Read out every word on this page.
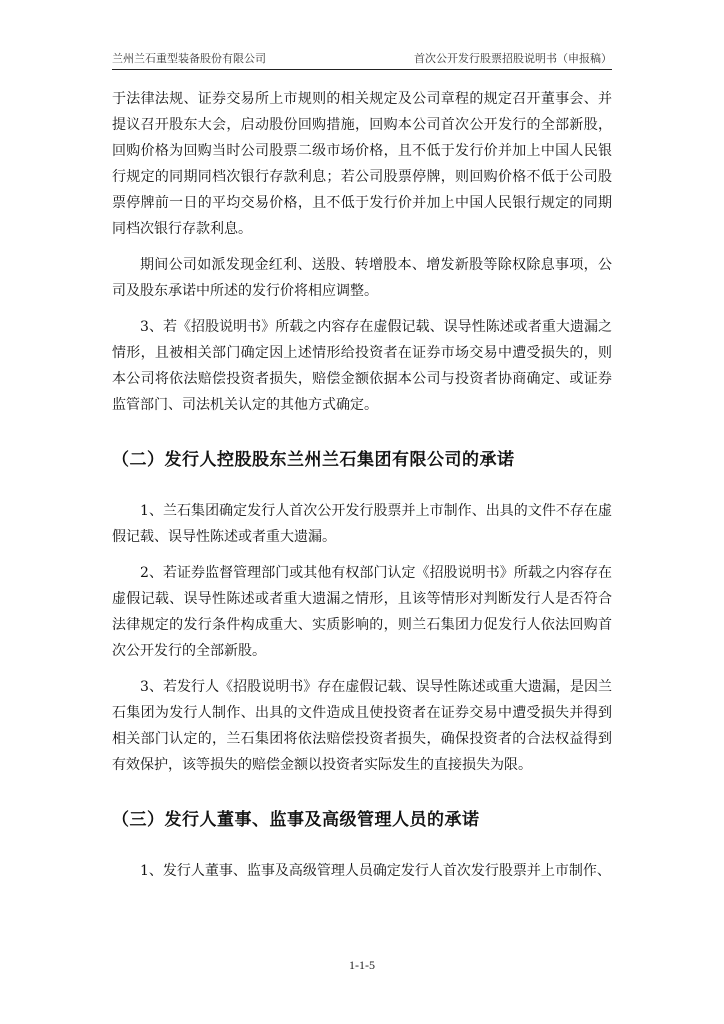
兰州兰石重型装备股份有限公司	首次公开发行股票招股说明书（申报稿）

于法律法规、证券交易所上市规则的相关规定及公司章程的规定召开董事会、并提议召开股东大会，启动股份回购措施，回购本公司首次公开发行的全部新股，回购价格为回购当时公司股票二级市场价格，且不低于发行价并加上中国人民银行规定的同期同档次银行存款利息；若公司股票停牌，则回购价格不低于公司股票停牌前一日的平均交易价格，且不低于发行价并加上中国人民银行规定的同期同档次银行存款利息。

期间公司如派发现金红利、送股、转增股本、增发新股等除权除息事项，公司及股东承诺中所述的发行价将相应调整。

3、若《招股说明书》所载之内容存在虚假记载、误导性陈述或者重大遗漏之情形，且被相关部门确定因上述情形给投资者在证券市场交易中遭受损失的，则本公司将依法赔偿投资者损失，赔偿金额依据本公司与投资者协商确定、或证券监管部门、司法机关认定的其他方式确定。

（二）发行人控股股东兰州兰石集团有限公司的承诺

1、兰石集团确定发行人首次公开发行股票并上市制作、出具的文件不存在虚假记载、误导性陈述或者重大遗漏。

2、若证券监督管理部门或其他有权部门认定《招股说明书》所载之内容存在虚假记载、误导性陈述或者重大遗漏之情形，且该等情形对判断发行人是否符合法律规定的发行条件构成重大、实质影响的，则兰石集团力促发行人依法回购首次公开发行的全部新股。

3、若发行人《招股说明书》存在虚假记载、误导性陈述或重大遗漏，是因兰石集团为发行人制作、出具的文件造成且使投资者在证券交易中遭受损失并得到相关部门认定的，兰石集团将依法赔偿投资者损失，确保投资者的合法权益得到有效保护，该等损失的赔偿金额以投资者实际发生的直接损失为限。

（三）发行人董事、监事及高级管理人员的承诺

1、发行人董事、监事及高级管理人员确定发行人首次发行股票并上市制作、

1-1-5
